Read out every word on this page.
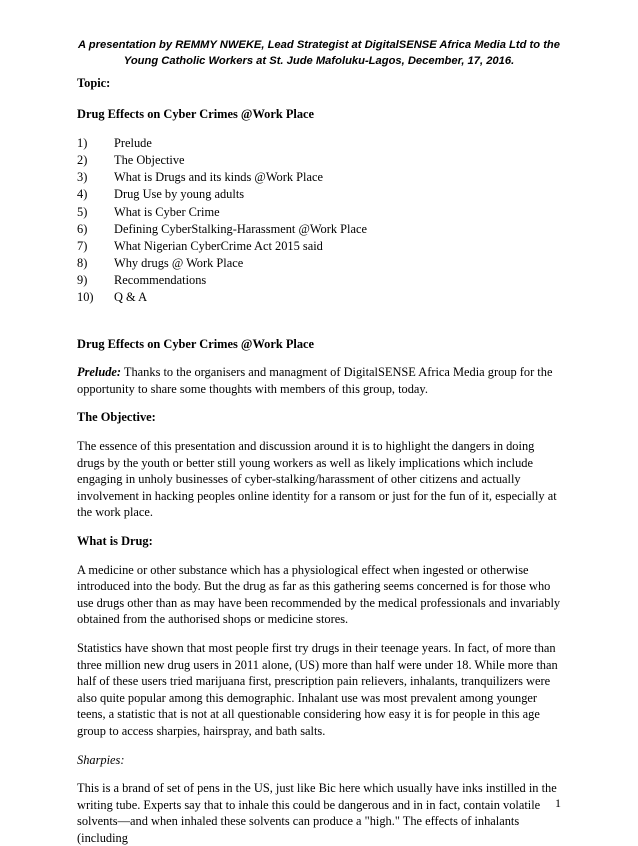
A presentation by REMMY NWEKE, Lead Strategist at DigitalSENSE Africa Media Ltd to the
Young Catholic Workers at St. Jude Mafoluku-Lagos, December, 17, 2016.

Topic:

Drug Effects on Cyber Crimes @Work Place

1)	Prelude
2)	The Objective
3)	What is Drugs and its kinds @Work Place
4)	Drug Use by young adults
5)	What is Cyber Crime
6)	Defining CyberStalking-Harassment @Work Place
7)	What Nigerian CyberCrime Act 2015 said
8)	Why drugs @ Work Place
9)	Recommendations
10)	Q & A

Drug Effects on Cyber Crimes @Work Place

Prelude: Thanks to the organisers and managment of DigitalSENSE Africa Media group for the opportunity to share some thoughts with members of this group, today.

The Objective:

The essence of this presentation and discussion around it is to highlight the dangers in doing drugs by the youth or better still young workers as well as likely implications which include engaging in unholy businesses of cyber-stalking/harassment of other citizens and actually involvement in hacking peoples online identity for a ransom or just for the fun of it, especially at the work place.

What is Drug:

A medicine or other substance which has a physiological effect when ingested or otherwise introduced into the body. But the drug as far as this gathering seems concerned is for those who use drugs other than as may have been recommended by the medical professionals and invariably obtained from the authorised shops or medicine stores.

Statistics have shown that most people first try drugs in their teenage years. In fact, of more than three million new drug users in 2011 alone, (US) more than half were under 18. While more than half of these users tried marijuana first, prescription pain relievers, inhalants, tranquilizers were also quite popular among this demographic. Inhalant use was most prevalent among younger teens, a statistic that is not at all questionable considering how easy it is for people in this age group to access sharpies, hairspray, and bath salts.

Sharpies:

This is a brand of set of pens in the US, just like Bic here which usually have inks instilled in the writing tube. Experts say that to inhale this could be dangerous and in in fact, contain volatile solvents—and when inhaled these solvents can produce a "high." The effects of inhalants (including

1
